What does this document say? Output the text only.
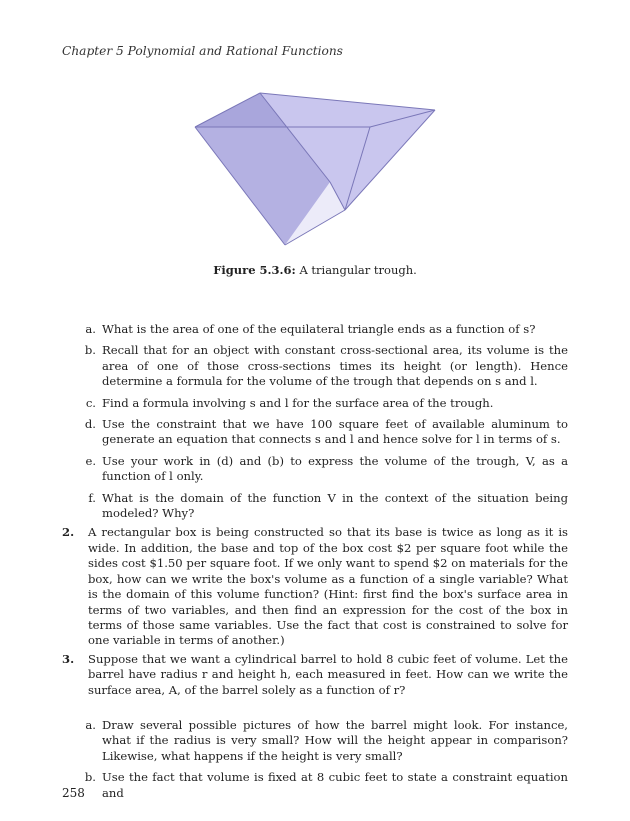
Chapter 5 Polynomial and Rational Functions
Figure 5.3.6: A triangular trough.
a. What is the area of one of the equilateral triangle ends as a function of s?
b. Recall that for an object with constant cross-sectional area, its volume is the area of one of those cross-sections times its height (or length). Hence determine a formula for the volume of the trough that depends on s and l.
c. Find a formula involving s and l for the surface area of the trough.
d. Use the constraint that we have 100 square feet of available aluminum to generate an equation that connects s and l and hence solve for l in terms of s.
e. Use your work in (d) and (b) to express the volume of the trough, V, as a function of l only.
f. What is the domain of the function V in the context of the situation being modeled? Why?
2.	A rectangular box is being constructed so that its base is twice as long as it is wide. In addition, the base and top of the box cost $2 per square foot while the sides cost $1.50 per square foot. If we only want to spend $2 on materials for the box, how can we write the box's volume as a function of a single variable? What is the domain of this volume function? (Hint: first find the box's surface area in terms of two variables, and then find an expression for the cost of the box in terms of those same variables. Use the fact that cost is constrained to solve for one variable in terms of another.)
3.	Suppose that we want a cylindrical barrel to hold 8 cubic feet of volume. Let the barrel have radius r and height h, each measured in feet. How can we write the surface area, A, of the barrel solely as a function of r?
a. Draw several possible pictures of how the barrel might look. For instance, what if the radius is very small? How will the height appear in comparison? Likewise, what happens if the height is very small?
b. Use the fact that volume is fixed at 8 cubic feet to state a constraint equation and
258
